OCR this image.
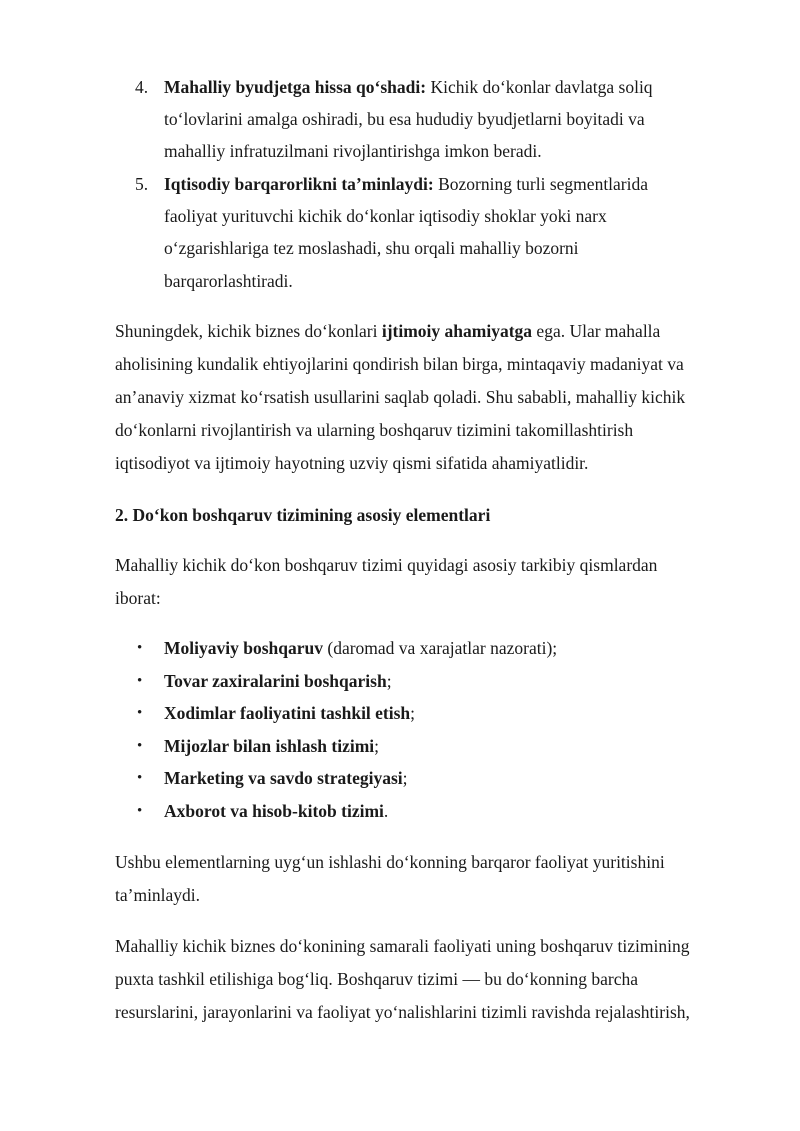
4. Mahalliy byudjetga hissa qo‘shadi: Kichik do‘konlar davlatga soliq
to‘lovlarini amalga oshiradi, bu esa hududiy byudjetlarni boyitadi va
mahalliy infratuzilmani rivojlantirishga imkon beradi.
5. Iqtisodiy barqarorlikni ta’minlaydi: Bozorning turli segmentlarida
faoliyat yurituvchi kichik do‘konlar iqtisodiy shoklar yoki narx
o‘zgarishlariga tez moslashadi, shu orqali mahalliy bozorni
barqarorlashtiradi.
Shuningdek, kichik biznes do‘konlari ijtimoiy ahamiyatga ega. Ular mahalla
aholisining kundalik ehtiyojlarini qondirish bilan birga, mintaqaviy madaniyat va
an’anaviy xizmat ko‘rsatish usullarini saqlab qoladi. Shu sababli, mahalliy kichik
do‘konlarni rivojlantirish va ularning boshqaruv tizimini takomillashtirish
iqtisodiyot va ijtimoiy hayotning uzviy qismi sifatida ahamiyatlidir.
2. Do‘kon boshqaruv tizimining asosiy elementlari
Mahalliy kichik do‘kon boshqaruv tizimi quyidagi asosiy tarkibiy qismlardan
iborat:
• Moliyaviy boshqaruv (daromad va xarajatlar nazorati);
• Tovar zaxiralarini boshqarish;
• Xodimlar faoliyatini tashkil etish;
• Mijozlar bilan ishlash tizimi;
• Marketing va savdo strategiyasi;
• Axborot va hisob-kitob tizimi.
Ushbu elementlarning uyg‘un ishlashi do‘konning barqaror faoliyat yuritishini
ta’minlaydi.
Mahalliy kichik biznes do‘konining samarali faoliyati uning boshqaruv tizimining
puxta tashkil etilishiga bog‘liq. Boshqaruv tizimi — bu do‘konning barcha
resurslarini, jarayonlarini va faoliyat yo‘nalishlarini tizimli ravishda rejalashtirish,
